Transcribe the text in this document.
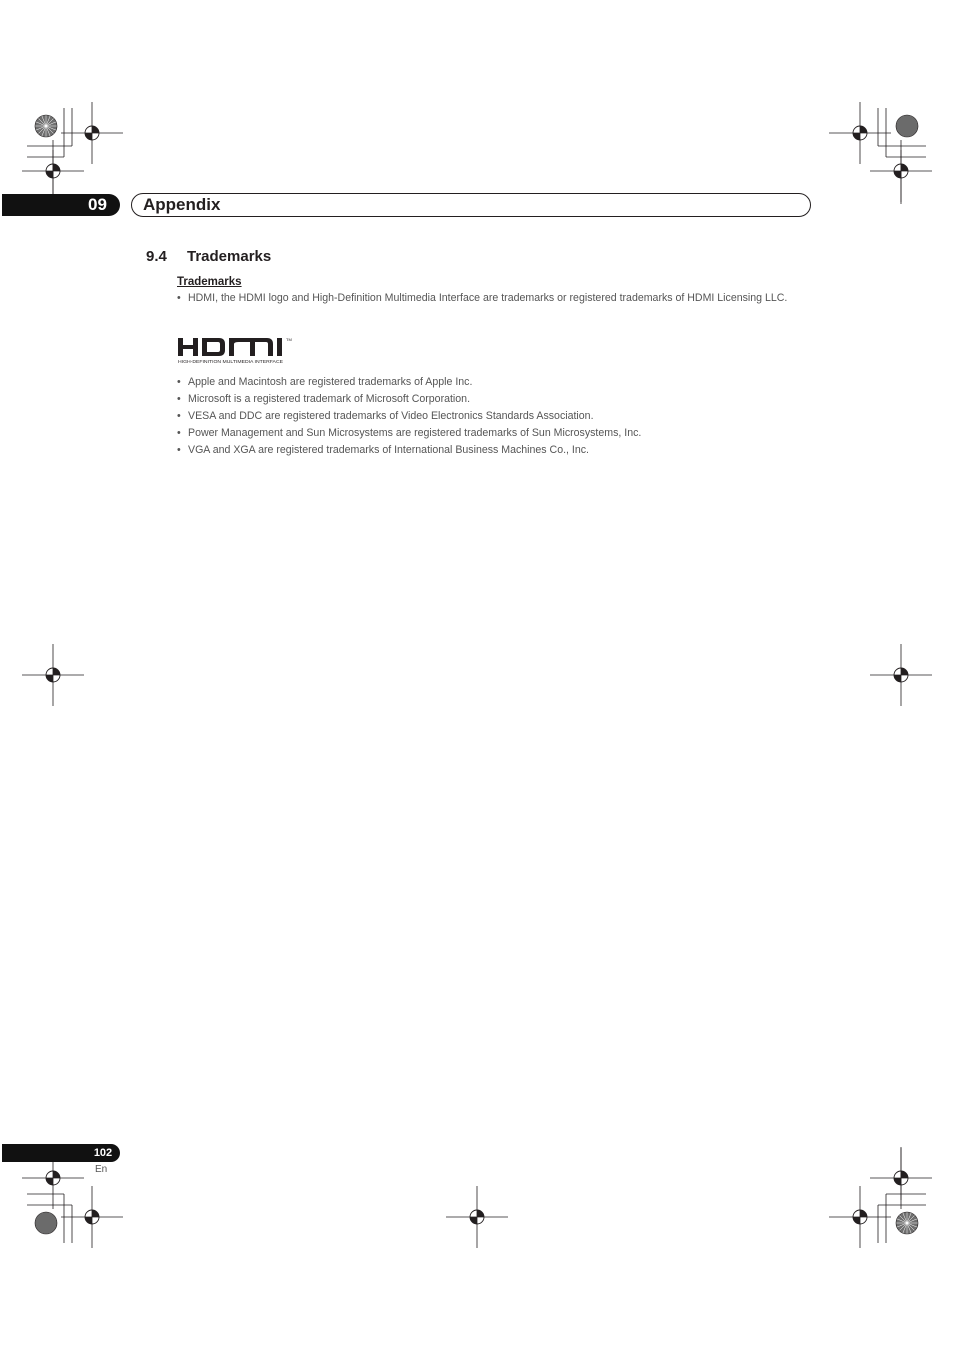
09	Appendix
9.4 Trademarks
Trademarks
• HDMI, the HDMI logo and High-Definition Multimedia Interface are trademarks or registered trademarks of HDMI Licensing LLC.
TM
HIGH-DEFINITION MULTIMEDIA INTERFACE
• Apple and Macintosh are registered trademarks of Apple Inc.
• Microsoft is a registered trademark of Microsoft Corporation.
• VESA and DDC are registered trademarks of Video Electronics Standards Association.
• Power Management and Sun Microsystems are registered trademarks of Sun Microsystems, Inc.
• VGA and XGA are registered trademarks of International Business Machines Co., Inc.
102
En
